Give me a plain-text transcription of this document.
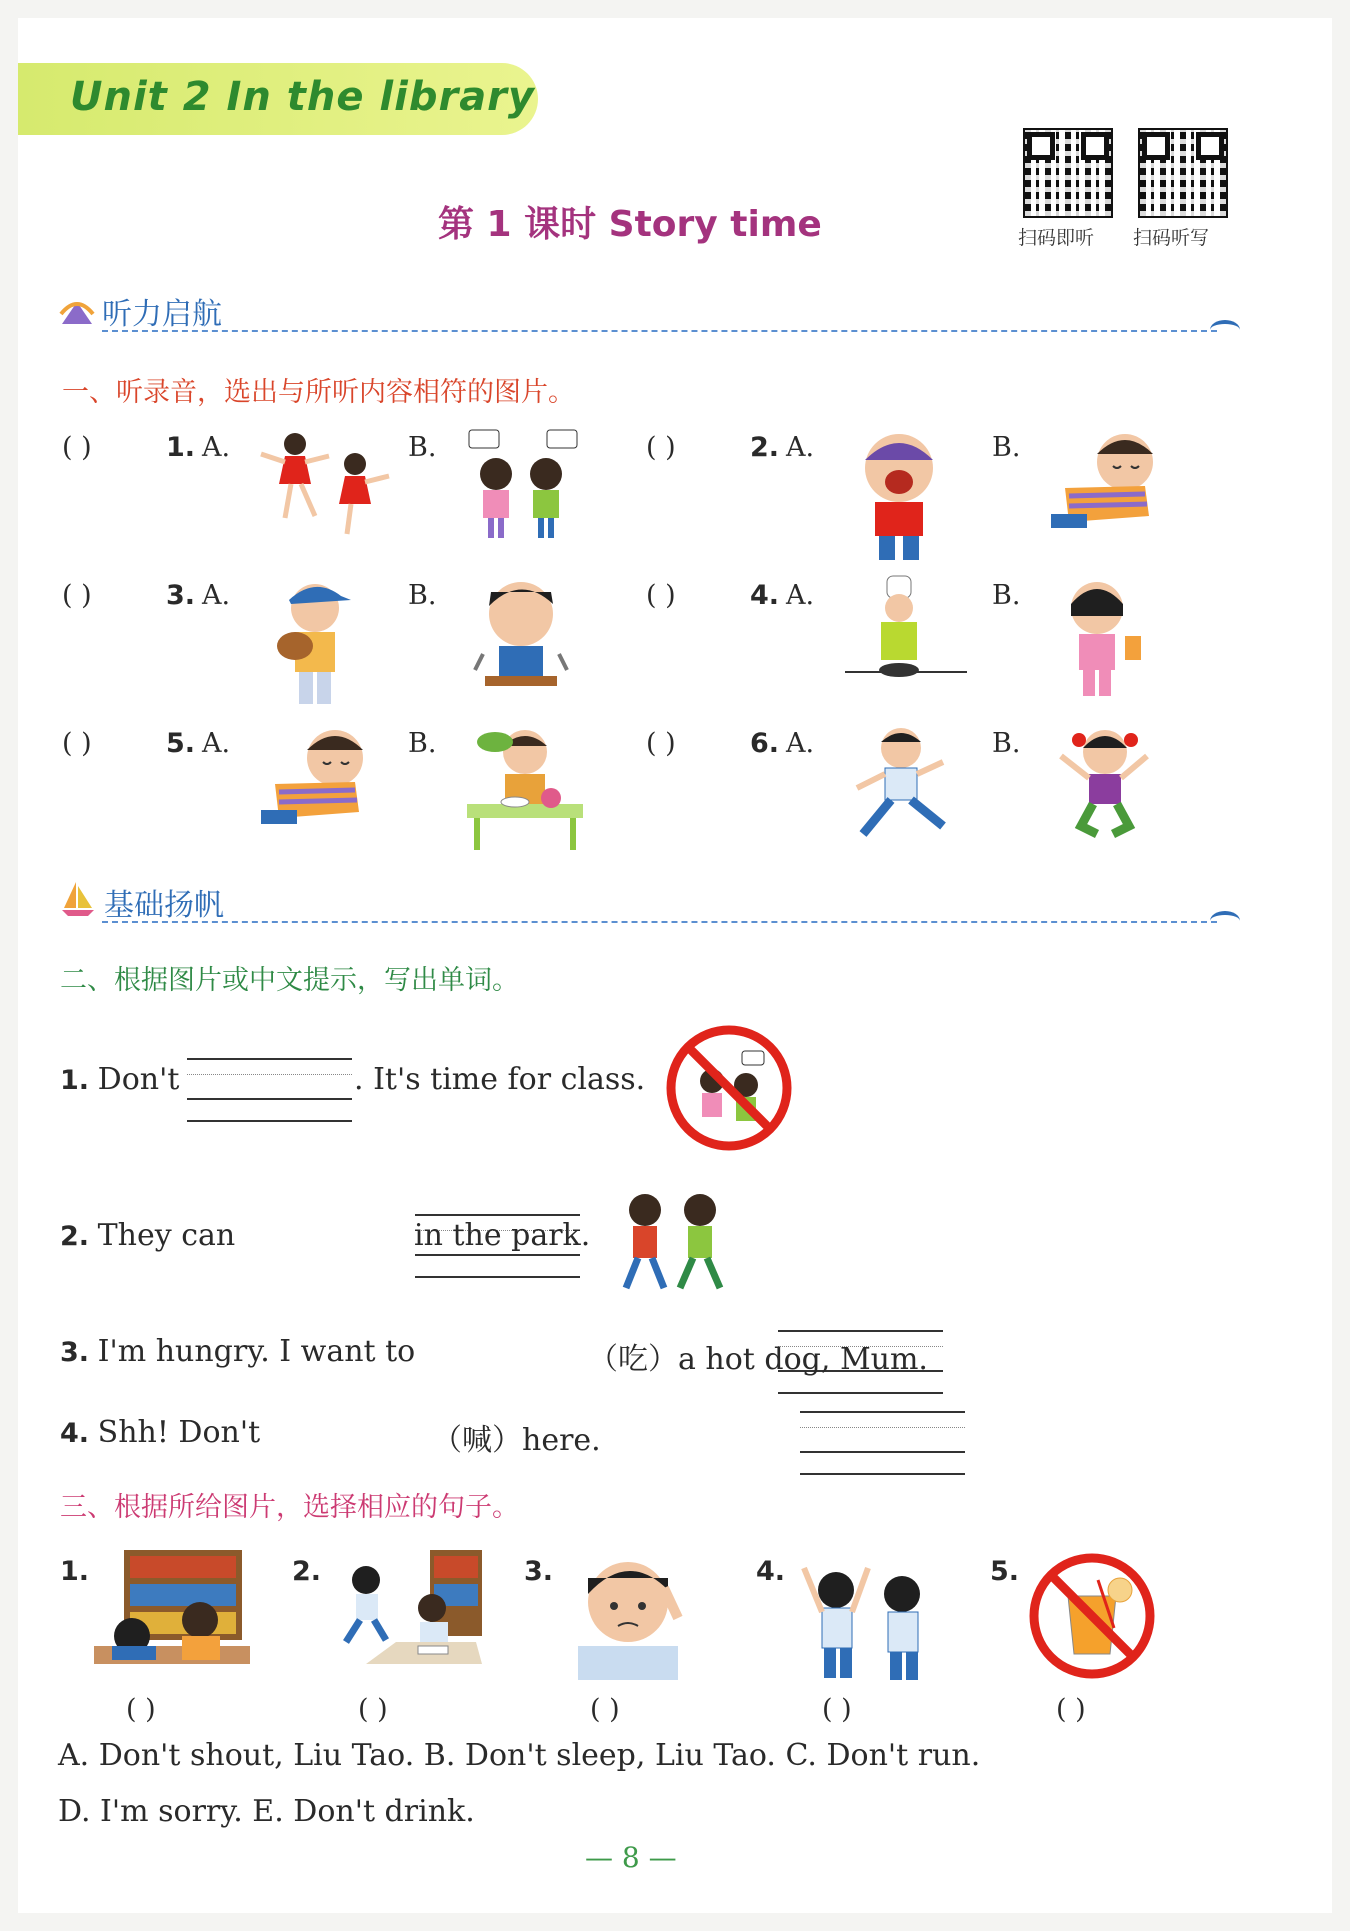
Unit 2 In the library
第 1 课时 Story time	扫码即听 扫码听写
听力启航
一、听录音，选出与所听内容相符的图片。
基础扬帆
二、根据图片或中文提示，写出单词。
1. Don't
	. It's time for class.
2. They can
	in the park.
3. I'm hungry. I want to
	（吃）a hot dog, Mum.
4. Shh! Don't	（喊）here.
三、根据所给图片，选择相应的句子。
A. Don't shout, Liu Tao. B. Don't sleep, Liu Tao. C. Don't run.
D. I'm sorry. E. Don't drink.
— 8 —
( )	1. A.	B.	( )	2. A.	B.
( )	3. A.	B.	( )	4. A.	B.
( )	5. A.	B.	( )	6. A.	B.
1.
( )
2.
( )
3.
( )
4.
( )
5.
( )
